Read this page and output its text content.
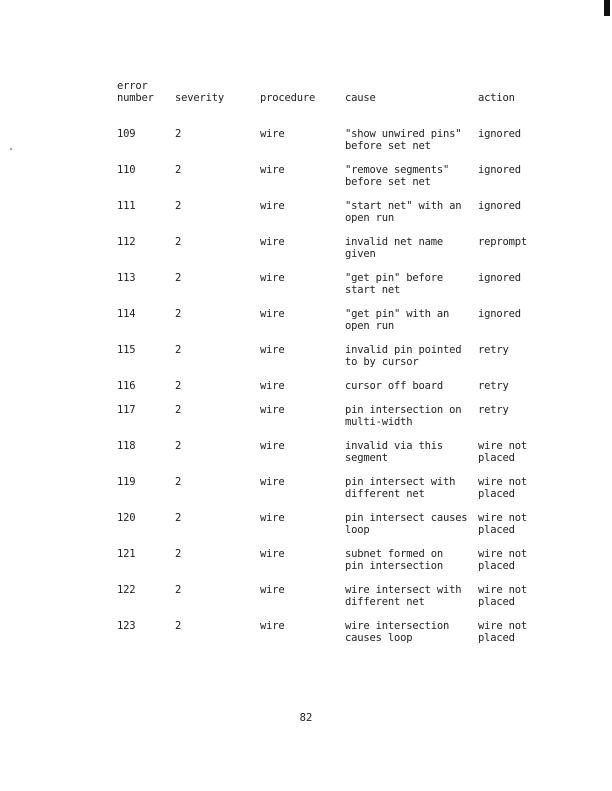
error
number	severity	procedure	cause	action
109	2	wire	"show unwired pins"
before set net	ignored
110	2	wire	"remove segments"
before set net	ignored
111	2	wire	"start net" with an
open run	ignored
112	2	wire	invalid net name
given	reprompt
113	2	wire	"get pin" before
start net	ignored
114	2	wire	"get pin" with an
open run	ignored
115	2	wire	invalid pin pointed
to by cursor	retry
116	2	wire	cursor off board	retry
117	2	wire	pin intersection on
multi-width	retry
118	2	wire	invalid via this
segment	wire not
placed
119	2	wire	pin intersect with
different net	wire not
placed
120	2	wire	pin intersect causes
loop	wire not
placed
121	2	wire	subnet formed on
pin intersection	wire not
placed
122	2	wire	wire intersect with
different net	wire not
placed
123	2	wire	wire intersection
causes loop	wire not
placed
82
